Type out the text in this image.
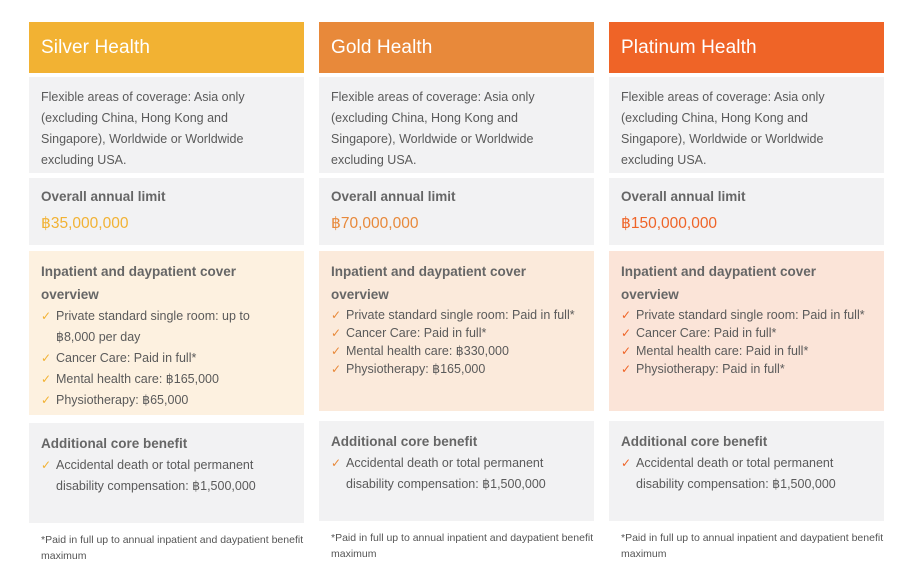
Silver Health
Flexible areas of coverage: Asia only (excluding China, Hong Kong and Singapore), Worldwide or Worldwide excluding USA.
Overall annual limit
฿35,000,000
Inpatient and daypatient cover overview
✓ Private standard single room: up to ฿8,000 per day
✓ Cancer Care: Paid in full*
✓ Mental health care: ฿165,000
✓ Physiotherapy: ฿65,000
Additional core benefit
✓ Accidental death or total permanent disability compensation: ฿1,500,000
*Paid in full up to annual inpatient and daypatient benefit maximum
Gold Health
Flexible areas of coverage: Asia only (excluding China, Hong Kong and Singapore), Worldwide or Worldwide excluding USA.
Overall annual limit
฿70,000,000
Inpatient and daypatient cover overview
✓ Private standard single room: Paid in full*
✓ Cancer Care: Paid in full*
✓ Mental health care: ฿330,000
✓ Physiotherapy: ฿165,000
Additional core benefit
✓ Accidental death or total permanent disability compensation: ฿1,500,000
*Paid in full up to annual inpatient and daypatient benefit maximum
Platinum Health
Flexible areas of coverage: Asia only (excluding China, Hong Kong and Singapore), Worldwide or Worldwide excluding USA.
Overall annual limit
฿150,000,000
Inpatient and daypatient cover overview
✓ Private standard single room: Paid in full*
✓ Cancer Care: Paid in full*
✓ Mental health care: Paid in full*
✓ Physiotherapy: Paid in full*
Additional core benefit
✓ Accidental death or total permanent disability compensation: ฿1,500,000
*Paid in full up to annual inpatient and daypatient benefit maximum
